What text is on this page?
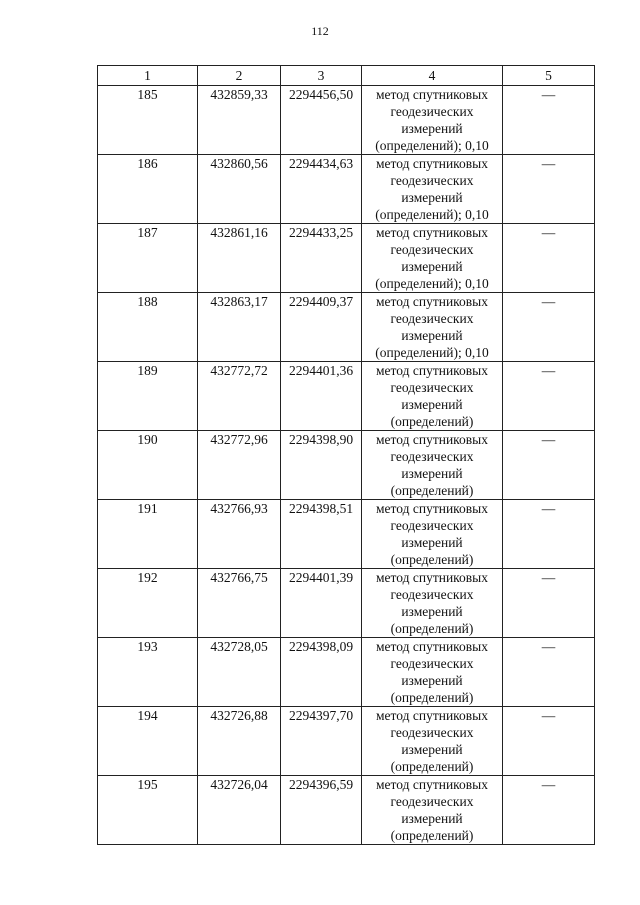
112
1	2	3	4	5
185	432859,33	2294456,50	метод спутниковых геодезических измерений (определений); 0,10	—
186	432860,56	2294434,63	метод спутниковых геодезических измерений (определений); 0,10	—
187	432861,16	2294433,25	метод спутниковых геодезических измерений (определений); 0,10	—
188	432863,17	2294409,37	метод спутниковых геодезических измерений (определений); 0,10	—
189	432772,72	2294401,36	метод спутниковых геодезических измерений (определений)	—
190	432772,96	2294398,90	метод спутниковых геодезических измерений (определений)	—
191	432766,93	2294398,51	метод спутниковых геодезических измерений (определений)	—
192	432766,75	2294401,39	метод спутниковых геодезических измерений (определений)	—
193	432728,05	2294398,09	метод спутниковых геодезических измерений (определений)	—
194	432726,88	2294397,70	метод спутниковых геодезических измерений (определений)	—
195	432726,04	2294396,59	метод спутниковых геодезических измерений (определений)	—
